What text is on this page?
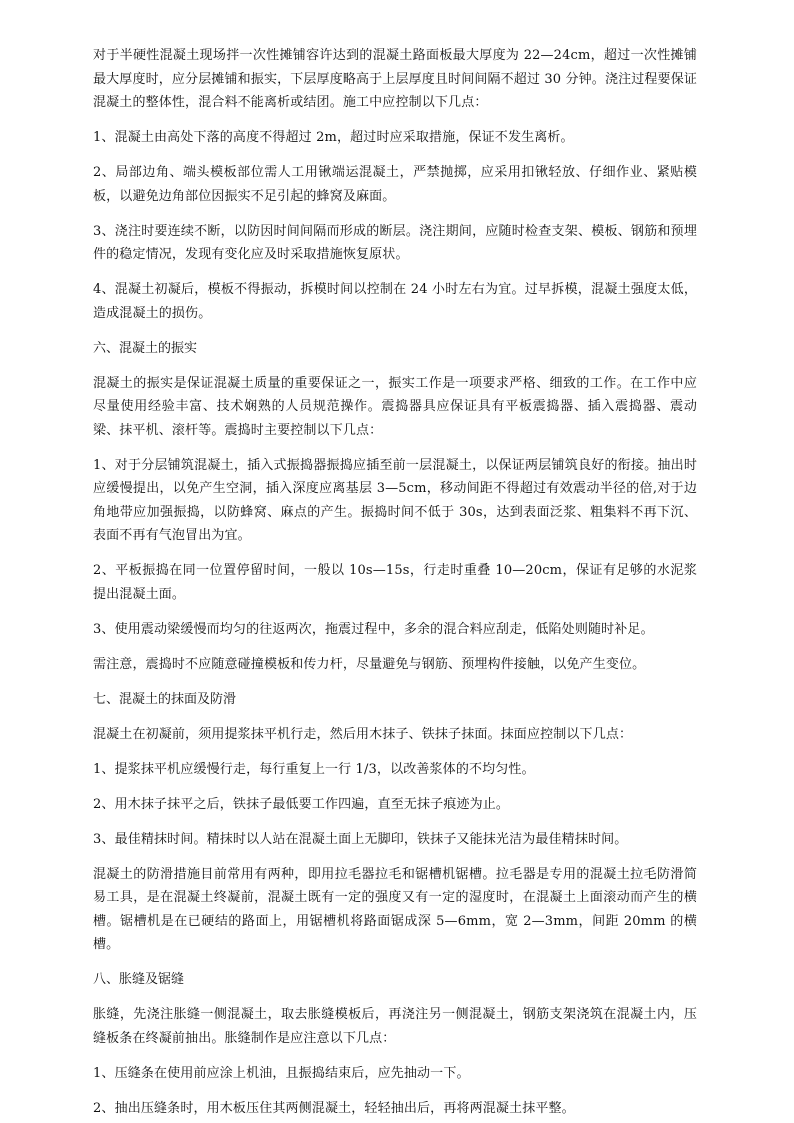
对于半硬性混凝土现场拌一次性摊铺容许达到的混凝土路面板最大厚度为 22—24cm，超过一次性摊铺最大厚度时，应分层摊铺和振实，下层厚度略高于上层厚度且时间间隔不超过 30 分钟。浇注过程要保证混凝土的整体性，混合料不能离析或结团。施工中应控制以下几点：

1、混凝土由高处下落的高度不得超过 2m，超过时应采取措施，保证不发生离析。

2、局部边角、端头模板部位需人工用锹端运混凝土，严禁抛掷，应采用扣锹轻放、仔细作业、紧贴模板，以避免边角部位因振实不足引起的蜂窝及麻面。

3、浇注时要连续不断，以防因时间间隔而形成的断层。浇注期间，应随时检查支架、模板、钢筋和预埋件的稳定情况，发现有变化应及时采取措施恢复原状。

4、混凝土初凝后，模板不得振动，拆模时间以控制在 24 小时左右为宜。过早拆模，混凝土强度太低，造成混凝土的损伤。

六、混凝土的振实

混凝土的振实是保证混凝土质量的重要保证之一，振实工作是一项要求严格、细致的工作。在工作中应尽量使用经验丰富、技术娴熟的人员规范操作。震捣器具应保证具有平板震捣器、插入震捣器、震动梁、抹平机、滚杆等。震捣时主要控制以下几点：

1、对于分层铺筑混凝土，插入式振捣器振捣应插至前一层混凝土，以保证两层铺筑良好的衔接。抽出时应缓慢提出，以免产生空洞，插入深度应离基层 3—5cm，移动间距不得超过有效震动半径的倍,对于边角地带应加强振捣，以防蜂窝、麻点的产生。振捣时间不低于 30s，达到表面泛浆、粗集料不再下沉、表面不再有气泡冒出为宜。

2、平板振捣在同一位置停留时间，一般以 10s—15s，行走时重叠 10—20cm，保证有足够的水泥浆提出混凝土面。

3、使用震动梁缓慢而均匀的往返两次，拖震过程中，多余的混合料应刮走，低陷处则随时补足。

需注意，震捣时不应随意碰撞模板和传力杆，尽量避免与钢筋、预埋构件接触，以免产生变位。

七、混凝土的抹面及防滑

混凝土在初凝前，须用提浆抹平机行走，然后用木抹子、铁抹子抹面。抹面应控制以下几点：

1、提浆抹平机应缓慢行走，每行重复上一行 1/3，以改善浆体的不均匀性。

2、用木抹子抹平之后，铁抹子最低要工作四遍，直至无抹子痕迹为止。

3、最佳精抹时间。精抹时以人站在混凝土面上无脚印，铁抹子又能抹光洁为最佳精抹时间。

混凝土的防滑措施目前常用有两种，即用拉毛器拉毛和锯槽机锯槽。拉毛器是专用的混凝土拉毛防滑简易工具，是在混凝土终凝前，混凝土既有一定的强度又有一定的湿度时，在混凝土上面滚动而产生的横槽。锯槽机是在已硬结的路面上，用锯槽机将路面锯成深 5—6mm，宽 2—3mm，间距 20mm 的横槽。

八、胀缝及锯缝

胀缝，先浇注胀缝一侧混凝土，取去胀缝模板后，再浇注另一侧混凝土，钢筋支架浇筑在混凝土内，压缝板条在终凝前抽出。胀缝制作是应注意以下几点：

1、压缝条在使用前应涂上机油，且振捣结束后，应先抽动一下。

2、抽出压缝条时，用木板压住其两侧混凝土，轻轻抽出后，再将两混凝土抹平整。
